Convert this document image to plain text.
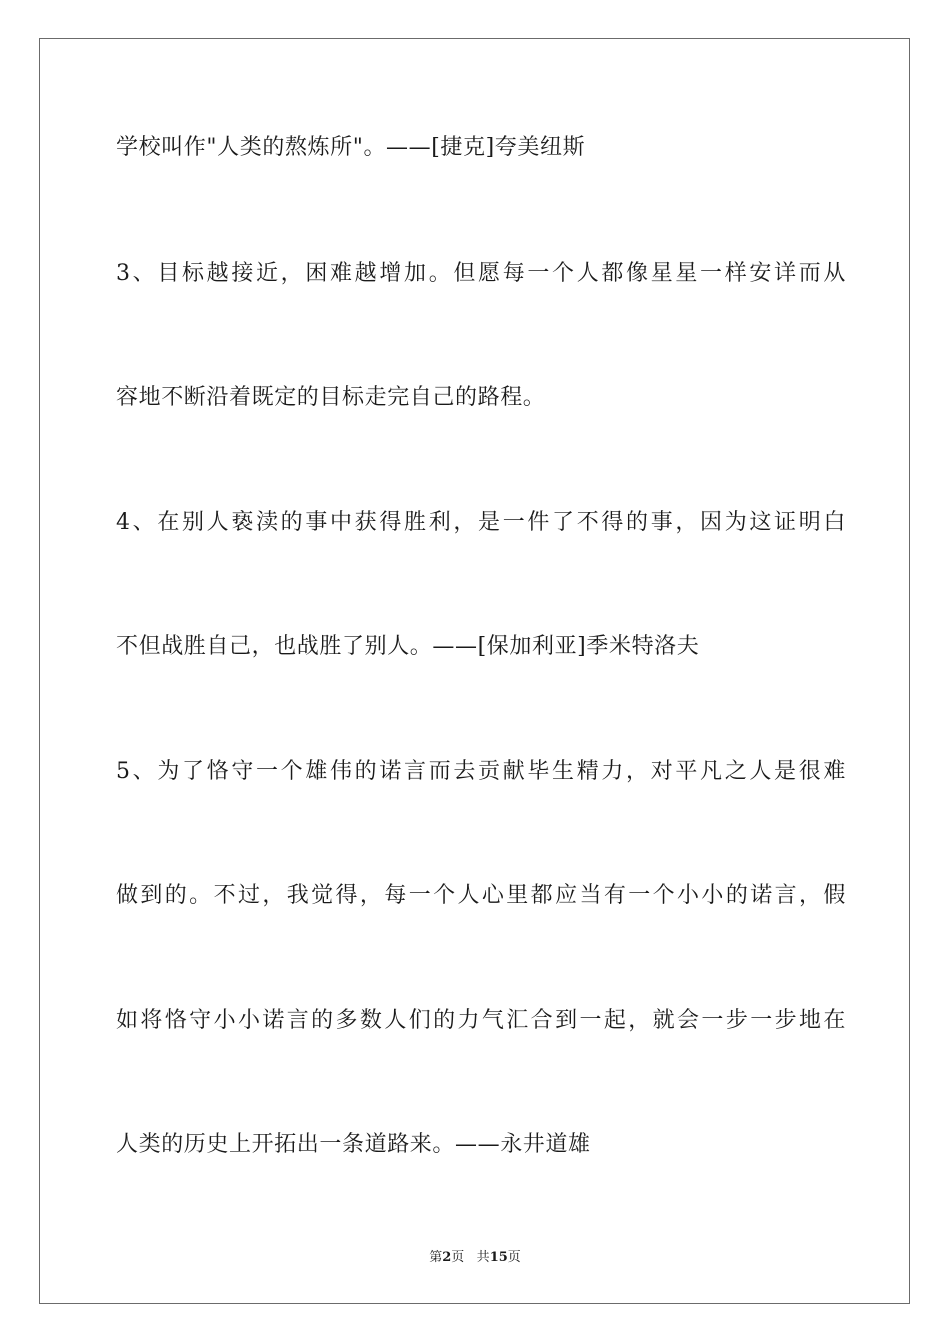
学校叫作"人类的熬炼所"。——[捷克]夸美纽斯
3、目标越接近，困难越增加。但愿每一个人都像星星一样安详而从
容地不断沿着既定的目标走完自己的路程。
4、在别人亵渎的事中获得胜利，是一件了不得的事，因为这证明白
不但战胜自己，也战胜了别人。——[保加利亚]季米特洛夫
5、为了恪守一个雄伟的诺言而去贡献毕生精力，对平凡之人是很难
做到的。不过，我觉得，每一个人心里都应当有一个小小的诺言，假
如将恪守小小诺言的多数人们的力气汇合到一起，就会一步一步地在
人类的历史上开拓出一条道路来。——永井道雄
第2页 共15页
